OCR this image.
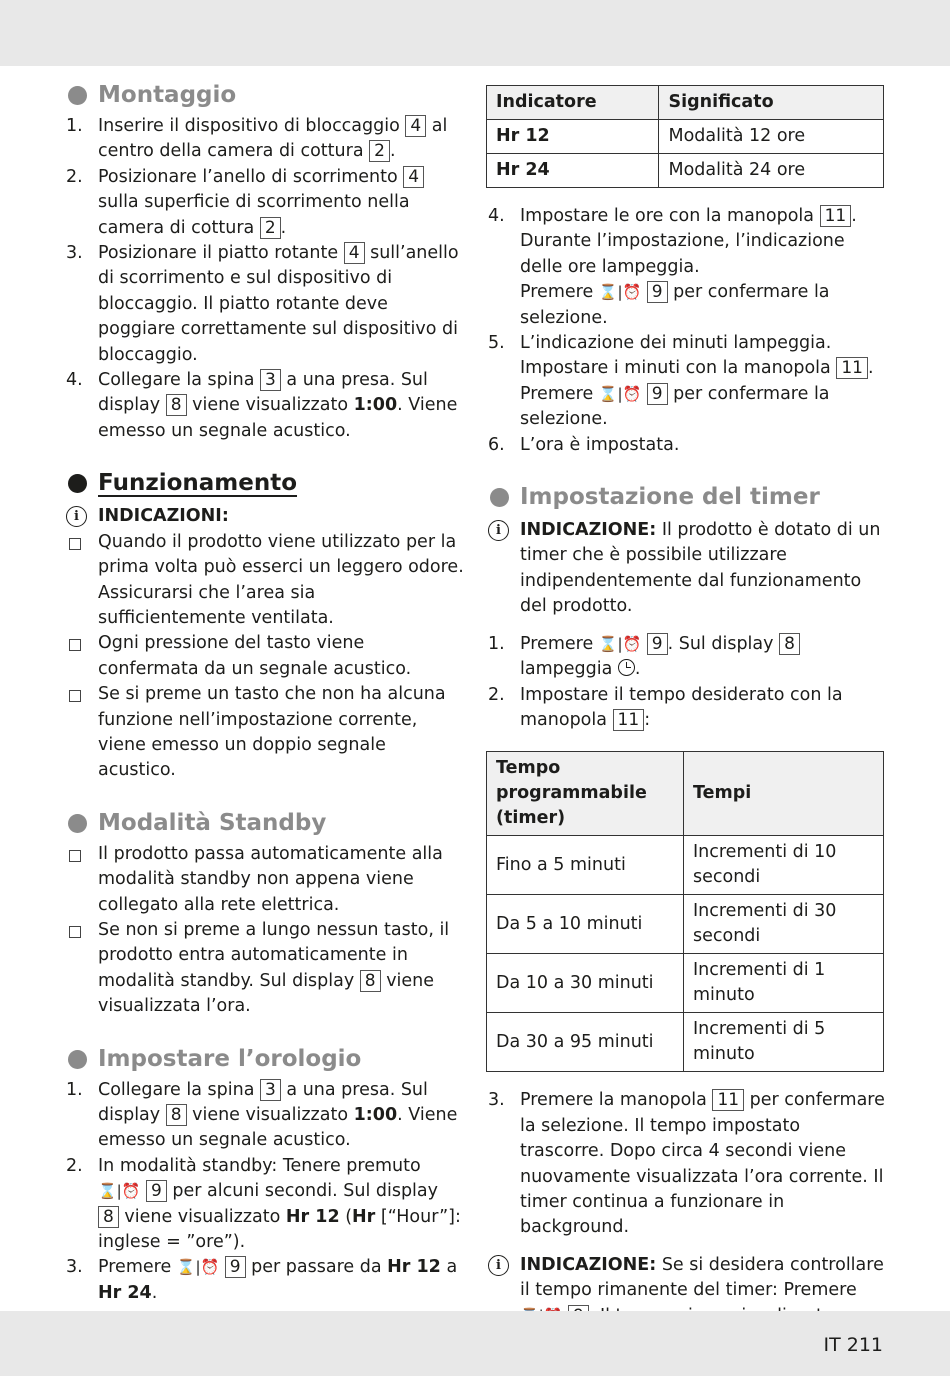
Montaggio
1. Inserire il dispositivo di bloccaggio 4 al centro della camera di cottura 2 .
2. Posizionare l’anello di scorrimento 4 sulla superficie di scorrimento nella camera di cottura 2 .
3. Posizionare il piatto rotante 4 sull’anello di scorrimento e sul dispositivo di bloccaggio. Il piatto rotante deve poggiare correttamente sul dispositivo di bloccaggio.
4. Collegare la spina 3 a una presa. Sul display 8 viene visualizzato 1:00. Viene emesso un segnale acustico.
Funzionamento
i	INDICAZIONI:
Quando il prodotto viene utilizzato per la prima volta può esserci un leggero odore. Assicurarsi che l’area sia sufficientemente ventilata.
Ogni pressione del tasto viene confermata da un segnale acustico.
Se si preme un tasto che non ha alcuna funzione nell’impostazione corrente, viene emesso un doppio segnale acustico.
Modalità Standby
Il prodotto passa automaticamente alla modalità standby non appena viene collegato alla rete elettrica.
Se non si preme a lungo nessun tasto, il prodotto entra automaticamente in modalità standby. Sul display 8 viene visualizzata l’ora.
Impostare l’orologio
1. Collegare la spina 3 a una presa. Sul display 8 viene visualizzato 1:00. Viene emesso un segnale acustico.
2. In modalità standby: Tenere premuto ⌛|⏰ 9 per alcuni secondi. Sul display 8 viene visualizzato Hr 12 (Hr [“Hour”]: inglese = ”ore”).
3. Premere ⌛|⏰ 9 per passare da Hr 12 a Hr 24.
Indicatore	Significato
Hr 12	Modalità 12 ore
Hr 24	Modalità 24 ore
4. Impostare le ore con la manopola 11 . Durante l’impostazione, l’indicazione delle ore lampeggia.
Premere ⌛|⏰ 9 per confermare la selezione.
5. L’indicazione dei minuti lampeggia. Impostare i minuti con la manopola 11 .
Premere ⌛|⏰ 9 per confermare la selezione.
6. L’ora è impostata.
Impostazione del timer
i	INDICAZIONE: Il prodotto è dotato di un timer che è possibile utilizzare indipendentemente dal funzionamento del prodotto.
1. Premere ⌛|⏰ 9 . Sul display 8 lampeggia .
2. Impostare il tempo desiderato con la manopola 11 :
Tempo programmabile (timer)	Tempi
Fino a 5 minuti	Incrementi di 10 secondi
Da 5 a 10 minuti	Incrementi di 30 secondi
Da 10 a 30 minuti	Incrementi di 1 minuto
Da 30 a 95 minuti	Incrementi di 5 minuto
3. Premere la manopola 11 per confermare la selezione. Il tempo impostato trascorre. Dopo circa 4 secondi viene nuovamente visualizzata l’ora corrente. Il timer continua a funzionare in background.
i	INDICAZIONE: Se si desidera controllare il tempo rimanente del timer: Premere
IT 211
